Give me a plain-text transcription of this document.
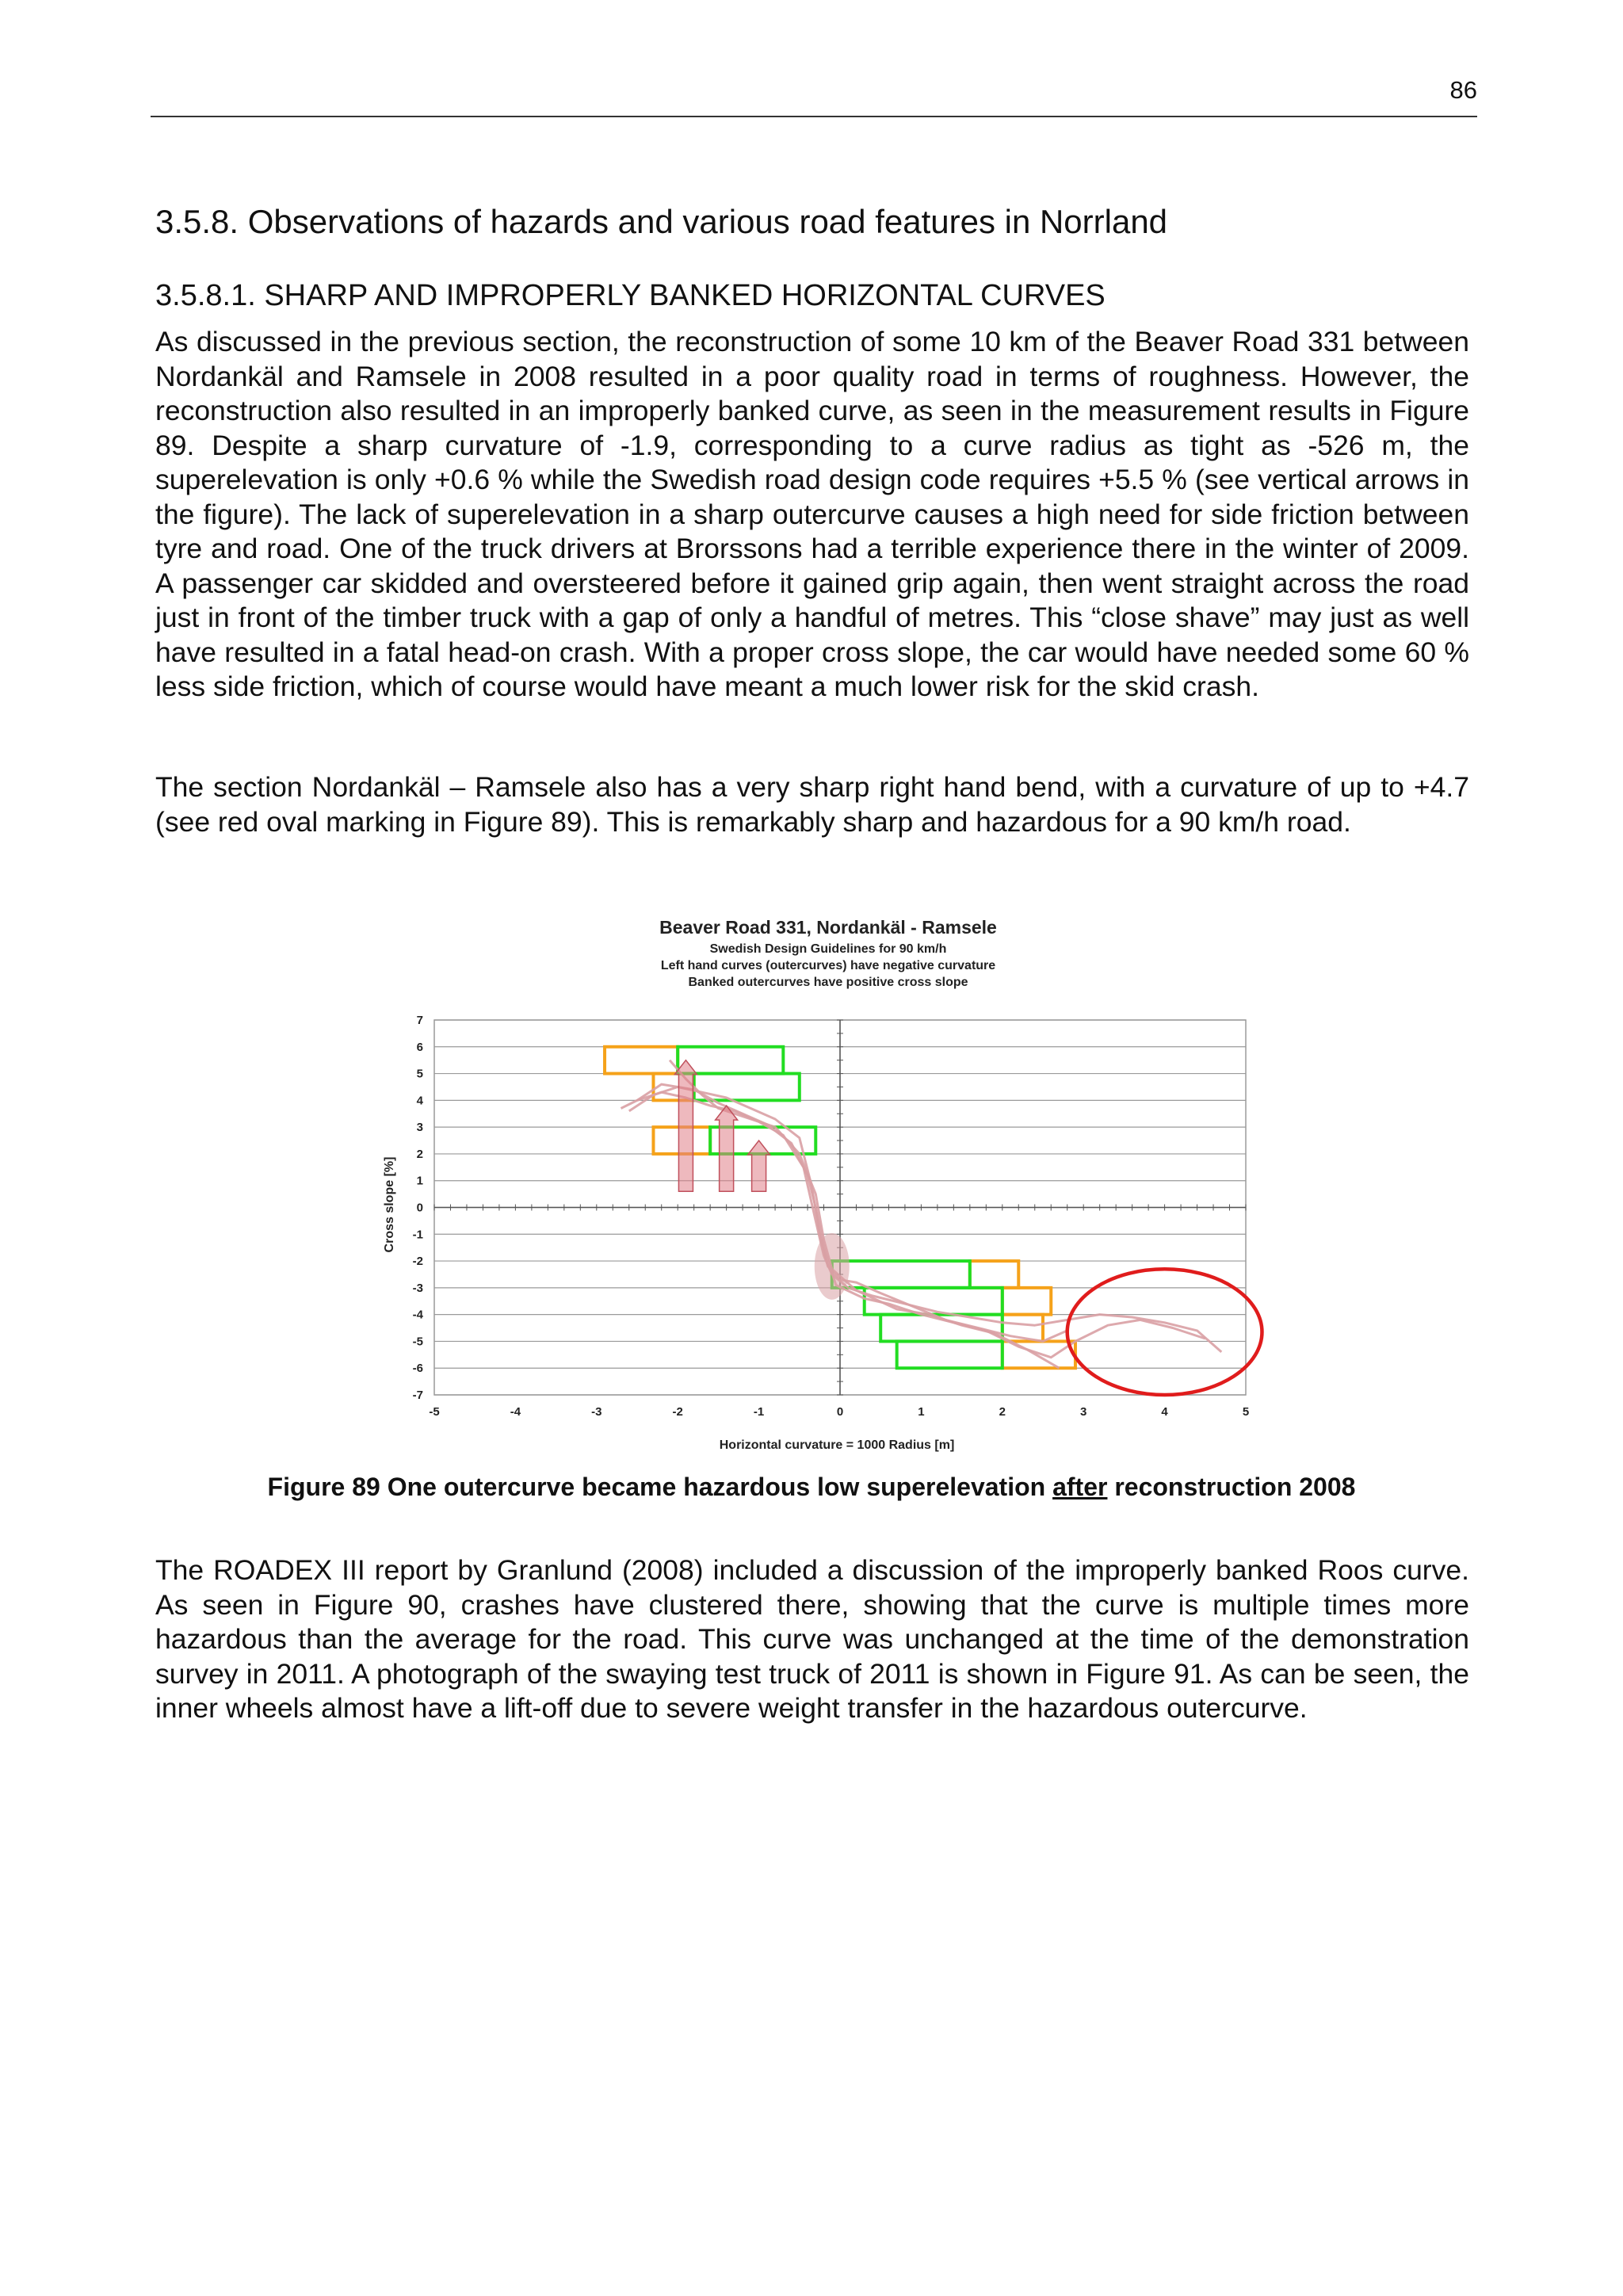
86
3.5.8. Observations of hazards and various road features in Norrland
3.5.8.1. SHARP AND IMPROPERLY BANKED HORIZONTAL CURVES

As discussed in the previous section, the reconstruction of some 10 km of the Beaver Road 331 between Nordankäl and Ramsele in 2008 resulted in a poor quality road in terms of roughness. However, the reconstruction also resulted in an improperly banked curve, as seen in the measurement results in Figure 89. Despite a sharp curvature of -1.9, corresponding to a curve radius as tight as -526 m, the superelevation is only +0.6 % while the Swedish road design code requires +5.5 % (see vertical arrows in the figure). The lack of superelevation in a sharp outercurve causes a high need for side friction between tyre and road. One of the truck drivers at Brorssons had a terrible experience there in the winter of 2009. A passenger car skidded and oversteered before it gained grip again, then went straight across the road just in front of the timber truck with a gap of only a handful of metres. This “close shave” may just as well have resulted in a fatal head-on crash. With a proper cross slope, the car would have needed some 60 % less side friction, which of course would have meant a much lower risk for the skid crash.

The section Nordankäl – Ramsele also has a very sharp right hand bend, with a curvature of up to +4.7 (see red oval marking in Figure 89). This is remarkably sharp and hazardous for a 90 km/h road.

Beaver Road 331, Nordankäl - Ramsele
Swedish Design Guidelines for 90 km/h
Left hand curves (outercurves) have negative curvature
Banked outercurves have positive cross slope
7
6
5
4
3
2
1
0
-1
-2
-3
-4
-5
-6
-7
-5	-4	-3	-2	-1	0	1	2	3	4	5
Horizontal curvature = 1000 Radius [m]
Cross slope [%]

Figure 89 One outercurve became hazardous low superelevation after reconstruction 2008

The ROADEX III report by Granlund (2008) included a discussion of the improperly banked Roos curve. As seen in Figure 90, crashes have clustered there, showing that the curve is multiple times more hazardous than the average for the road. This curve was unchanged at the time of the demonstration survey in 2011. A photograph of the swaying test truck of 2011 is shown in Figure 91. As can be seen, the inner wheels almost have a lift-off due to severe weight transfer in the hazardous outercurve.
